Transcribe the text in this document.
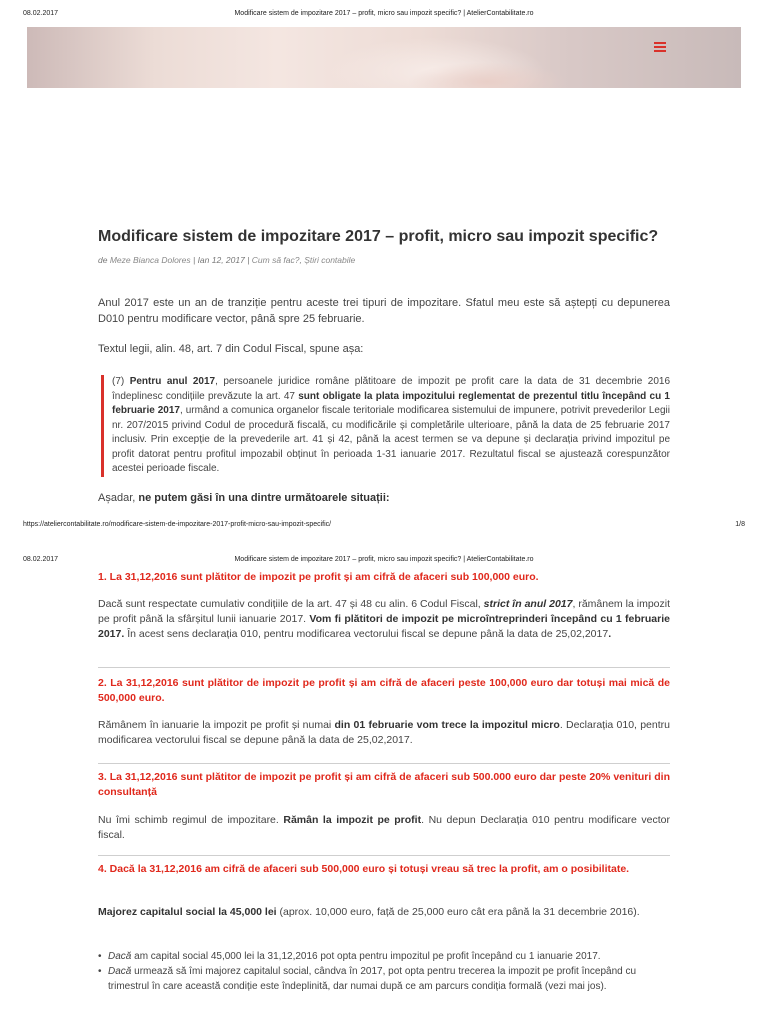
08.02.2017	Modificare sistem de impozitare 2017 – profit, micro sau impozit specific? | AtelierContabilitate.ro
Modificare sistem de impozitare 2017 – profit, micro sau impozit specific?
de Meze Bianca Dolores | Ian 12, 2017 | Cum să fac?, Știri contabile

Anul 2017 este un an de tranziție pentru aceste trei tipuri de impozitare. Sfatul meu este să aștepți cu depunerea D010 pentru modificare vector, până spre 25 februarie.

Textul legii, alin. 48, art. 7 din Codul Fiscal, spune așa:

(7) Pentru anul 2017, persoanele juridice române plătitoare de impozit pe profit care la data de 31 decembrie 2016 îndeplinesc condițiile prevăzute la art. 47 sunt obligate la plata impozitului reglementat de prezentul titlu începând cu 1 februarie 2017, urmând a comunica organelor fiscale teritoriale modificarea sistemului de impunere, potrivit prevederilor Legii nr. 207/2015 privind Codul de procedură fiscală, cu modificările și completările ulterioare, până la data de 25 februarie 2017 inclusiv. Prin excepție de la prevederile art. 41 și 42, până la acest termen se va depune și declarația privind impozitul pe profit datorat pentru profitul impozabil obținut în perioada 1-31 ianuarie 2017. Rezultatul fiscal se ajustează corespunzător acestei perioade fiscale.

Așadar, ne putem găsi în una dintre următoarele situații:

https://ateliercontabilitate.ro/modificare-sistem-de-impozitare-2017-profit-micro-sau-impozit-specific/	1/8
08.02.2017	Modificare sistem de impozitare 2017 – profit, micro sau impozit specific? | AtelierContabilitate.ro
1. La 31,12,2016 sunt plătitor de impozit pe profit și am cifră de afaceri sub 100,000 euro.
Dacă sunt respectate cumulativ condițiile de la art. 47 și 48 cu alin. 6 Codul Fiscal, strict în anul 2017, rămânem la impozit pe profit până la sfârșitul lunii ianuarie 2017. Vom fi plătitori de impozit pe microîntreprinderi începând cu 1 februarie 2017. În acest sens declarația 010, pentru modificarea vectorului fiscal se depune până la data de 25,02,2017.
2. La 31,12,2016 sunt plătitor de impozit pe profit și am cifră de afaceri peste 100,000 euro dar totuși mai mică de 500,000 euro.
Rămânem în ianuarie la impozit pe profit și numai din 01 februarie vom trece la impozitul micro. Declarația 010, pentru modificarea vectorului fiscal se depune până la data de 25,02,2017.
3. La 31,12,2016 sunt plătitor de impozit pe profit și am cifră de afaceri sub 500.000 euro dar peste 20% venituri din consultanță
Nu îmi schimb regimul de impozitare. Rămân la impozit pe profit. Nu depun Declarația 010 pentru modificare vector fiscal.
4. Dacă la 31,12,2016 am cifră de afaceri sub 500,000 euro și totuși vreau să trec la profit, am o posibilitate.
Majorez capitalul social la 45,000 lei (aprox. 10,000 euro, față de 25,000 euro cât era până la 31 decembrie 2016).
• Dacă am capital social 45,000 lei la 31,12,2016 pot opta pentru impozitul pe profit începând cu 1 ianuarie 2017.
• Dacă urmează să îmi majorez capitalul social, cândva în 2017, pot opta pentru trecerea la impozit pe profit începând cu trimestrul în care această condiție este îndeplinită, dar numai după ce am parcurs condiția formală (vezi mai jos).
